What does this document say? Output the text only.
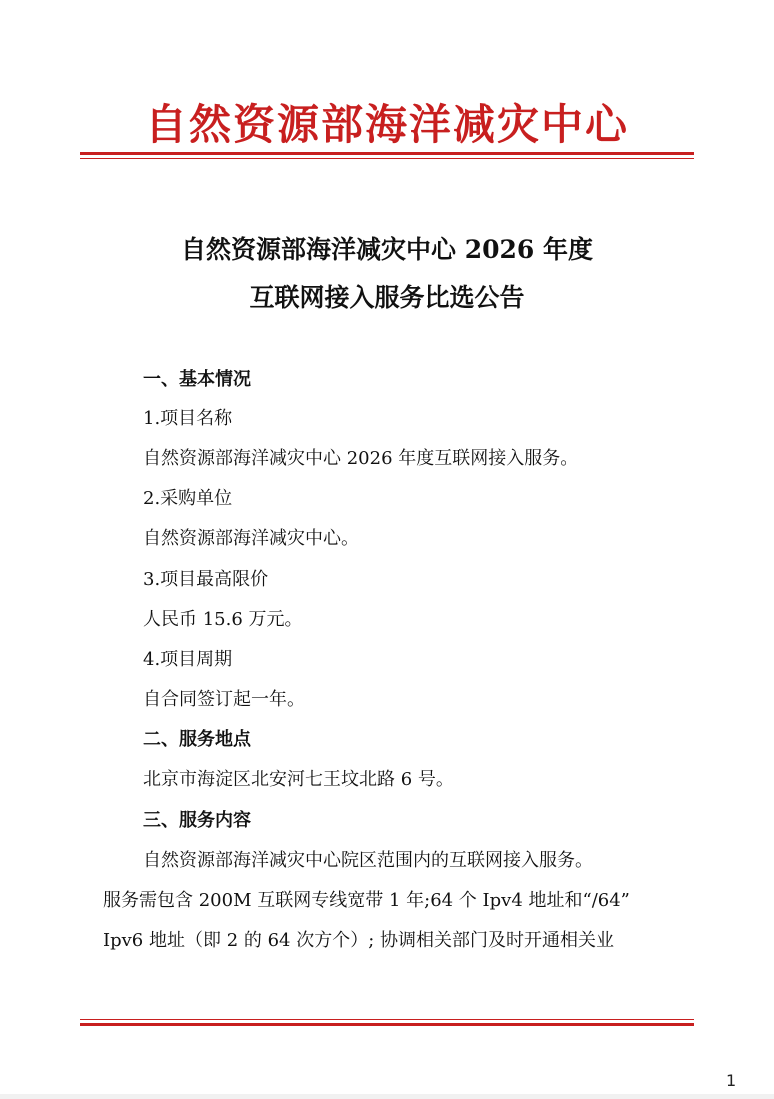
自然资源部海洋减灾中心
自然资源部海洋减灾中心 2026 年度
互联网接入服务比选公告
一、基本情况
1.项目名称
自然资源部海洋减灾中心 2026 年度互联网接入服务。
2.采购单位
自然资源部海洋减灾中心。
3.项目最高限价
人民币 15.6 万元。
4.项目周期
自合同签订起一年。
二、服务地点
北京市海淀区北安河七王坟北路 6 号。
三、服务内容
自然资源部海洋减灾中心院区范围内的互联网接入服务。
服务需包含 200M 互联网专线宽带 1 年;64 个 Ipv4 地址和“/64”
Ipv6 地址（即 2 的 64 次方个）; 协调相关部门及时开通相关业
1
